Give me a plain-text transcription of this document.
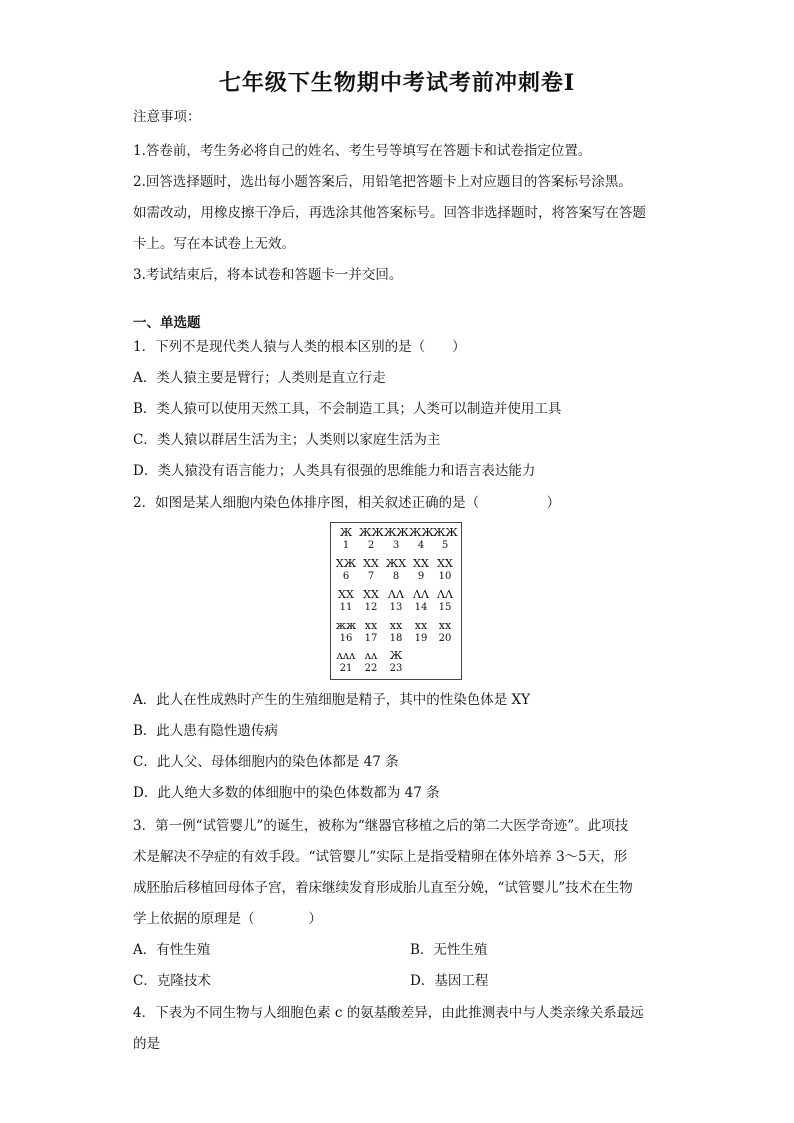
七年级下生物期中考试考前冲刺卷Ⅰ
注意事项：
1.答卷前，考生务必将自己的姓名、考生号等填写在答题卡和试卷指定位置。
2.回答选择题时，选出每小题答案后，用铅笔把答题卡上对应题目的答案标号涂黑。
如需改动，用橡皮擦干净后，再选涂其他答案标号。回答非选择题时，将答案写在答题
卡上。写在本试卷上无效。
3.考试结束后，将本试卷和答题卡一并交回。
一、单选题
1．下列不是现代类人猿与人类的根本区别的是（　　）
A．类人猿主要是臂行；人类则是直立行走
B．类人猿可以使用天然工具，不会制造工具；人类可以制造并使用工具
C．类人猿以群居生活为主；人类则以家庭生活为主
D．类人猿没有语言能力；人类具有很强的思维能力和语言表达能力
2．如图是某人细胞内染色体排序图，相关叙述正确的是（　　　　　）
Ж
1
ЖЖ
2
ЖЖ
3
ЖЖ
4
ЖЖ
5
ХЖ
6
ХХ
7
ЖХ
8
ХХ
9
ХХ
10
ХХ
11
ХХ
12
ΛΛ
13
ΛΛ
14
ΛΛ
15
жж
16
хх
17
хх
18
хх
19
хх
20
ᴧᴧᴧ
21
ᴧᴧ
22
Ж
23
A．此人在性成熟时产生的生殖细胞是精子，其中的性染色体是 XY
B．此人患有隐性遗传病
C．此人父、母体细胞内的染色体都是 47 条
D．此人绝大多数的体细胞中的染色体数都为 47 条
3．第一例“试管婴儿”的诞生，被称为“继器官移植之后的第二大医学奇迹”。此项技
术是解决不孕症的有效手段。“试管婴儿”实际上是指受精卵在体外培养 3～5天，形
成胚胎后移植回母体子宫，着床继续发育形成胎儿直至分娩，“试管婴儿”技术在生物
学上依据的原理是（　　　　）
A．有性生殖	B．无性生殖
C．克隆技术	D．基因工程
4．下表为不同生物与人细胞色素 c 的氨基酸差异，由此推测表中与人类亲缘关系最远
的是
